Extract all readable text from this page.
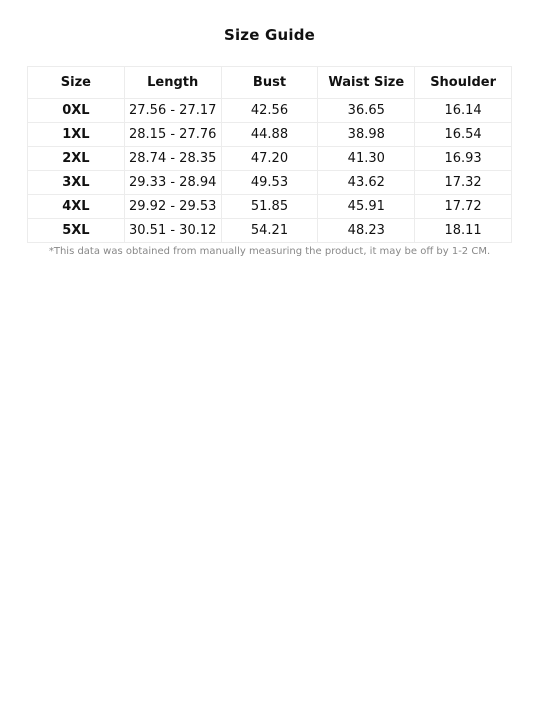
Size Guide
Size	Length	Bust	Waist Size	Shoulder
0XL	27.56 - 27.17	42.56	36.65	16.14
1XL	28.15 - 27.76	44.88	38.98	16.54
2XL	28.74 - 28.35	47.20	41.30	16.93
3XL	29.33 - 28.94	49.53	43.62	17.32
4XL	29.92 - 29.53	51.85	45.91	17.72
5XL	30.51 - 30.12	54.21	48.23	18.11
*This data was obtained from manually measuring the product, it may be off by 1-2 CM.
